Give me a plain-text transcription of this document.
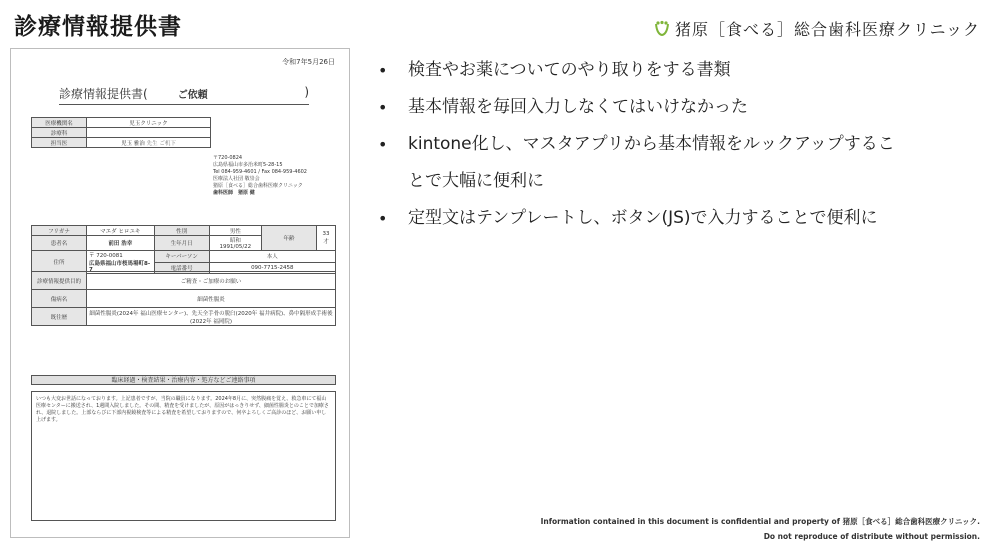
診療情報提供書	猪原［食べる］総合歯科医療クリニック
令和7年5月26日
診療情報提供書(	ご依頼	)
医療機関名	児玉クリニック
診療科	
担当医	児玉 雅治 先生 ご机下
〒720-0824
広島県福山市多治米町5-28-15
Tel 084-959-4601 / Fax 084-959-4602
医療法人社団 敬崇会
猪原［食べる］総合歯科医療クリニック
歯科医師　猪原 健
フリガナ	マエダ ヒロユキ	性別	男性	年齢	33 才
患者名	前田 浩幸	生年月日	昭和　1991/05/22		
住所	〒 720-0081
広島県福山市桜馬場町8-7	キーパーソン	本人		
		電話番号	090-7715-2458		
診療情報提供目的	ご精査・ご加療のお願い
傷病名	細菌性腸炎
既往歴	細菌性腸炎(2024年 福山医療センター)、先天全手骨の脱臼(2020年 福井病院)、鼻中隔形成手術後(2022年 福岡院)
臨床経過・検査結果・治療内容・処方などご連絡事項
いつも大変お世話になっております。上記患者ですが、当院の職員になります。2024年8月に、突然腹痛を覚え、救急車にて福山医療センターに搬送され、1週間入院しました。その間、精査を受けましたが、原因がはっきりせず、細菌性腸炎とのことで加療され、退院しました。上部ならびに下部内視鏡検査等による精査を希望しておりますので、何卒よろしくご高診のほど、お願い申し上げます。
• 検査やお薬についてのやり取りをする書類
• 基本情報を毎回入力しなくてはいけなかった
• kintone化し、マスタアプリから基本情報をルックアップするこ
とで大幅に便利に
• 定型文はテンプレートし、ボタン(JS)で入力することで便利に
Information contained in this document is confidential and property of 猪原［食べる］総合歯科医療クリニック.
Do not reproduce of distribute without permission.
